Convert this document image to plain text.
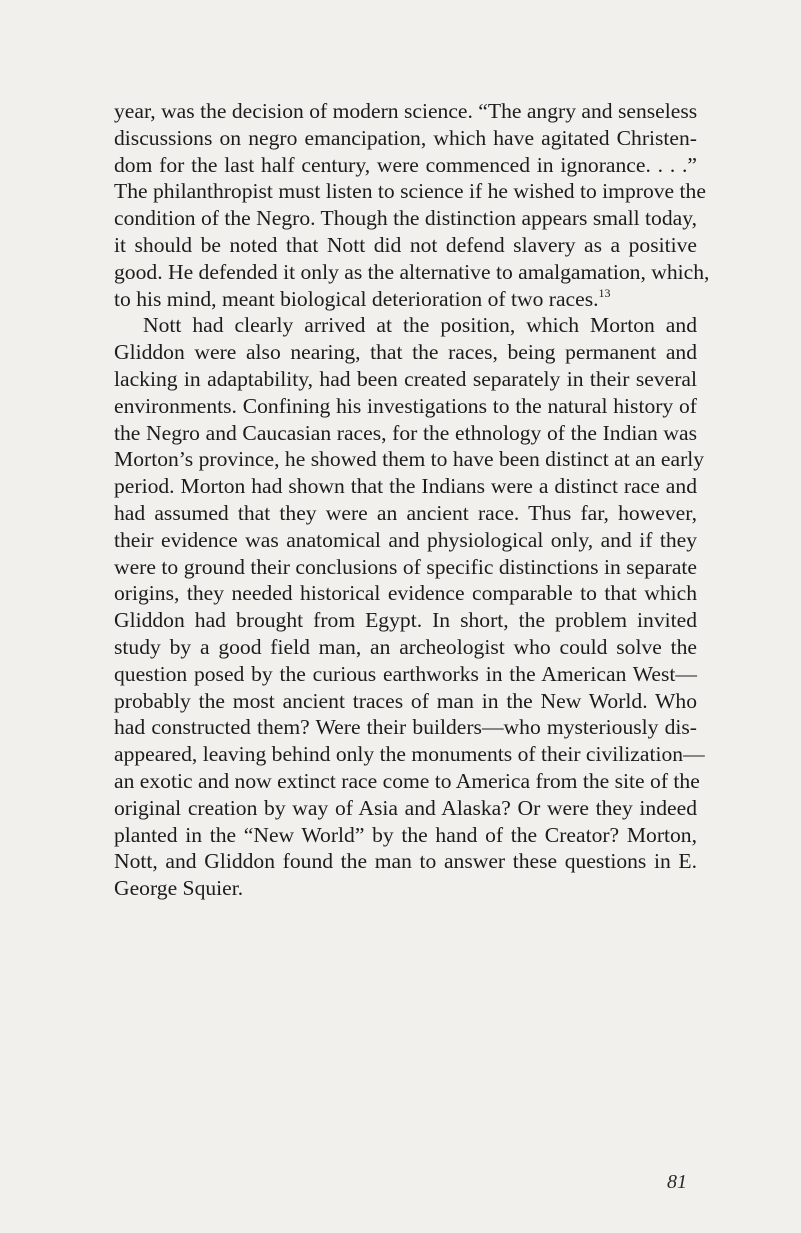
year, was the decision of modern science. “The angry and senseless
discussions on negro emancipation, which have agitated Christen-
dom for the last half century, were commenced in ignorance. . . .”
The philanthropist must listen to science if he wished to improve the
condition of the Negro. Though the distinction appears small today,
it should be noted that Nott did not defend slavery as a positive
good. He defended it only as the alternative to amalgamation, which,
to his mind, meant biological deterioration of two races.$^{13}$
Nott had clearly arrived at the position, which Morton and
Gliddon were also nearing, that the races, being permanent and
lacking in adaptability, had been created separately in their several
environments. Confining his investigations to the natural history of
the Negro and Caucasian races, for the ethnology of the Indian was
Morton’s province, he showed them to have been distinct at an early
period. Morton had shown that the Indians were a distinct race and
had assumed that they were an ancient race. Thus far, however,
their evidence was anatomical and physiological only, and if they
were to ground their conclusions of specific distinctions in separate
origins, they needed historical evidence comparable to that which
Gliddon had brought from Egypt. In short, the problem invited
study by a good field man, an archeologist who could solve the
question posed by the curious earthworks in the American West—
probably the most ancient traces of man in the New World. Who
had constructed them? Were their builders—who mysteriously dis-
appeared, leaving behind only the monuments of their civilization—
an exotic and now extinct race come to America from the site of the
original creation by way of Asia and Alaska? Or were they indeed
planted in the “New World” by the hand of the Creator? Morton,
Nott, and Gliddon found the man to answer these questions in E.
George Squier.
81
